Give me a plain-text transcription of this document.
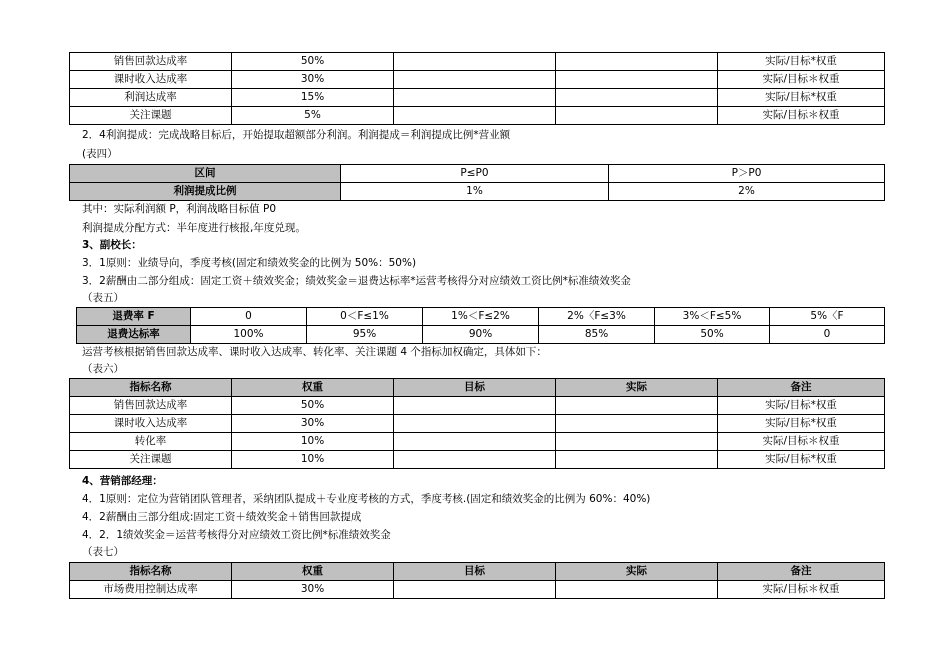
销售回款达成率	50%			实际/目标*权重
课时收入达成率	30%			实际/目标＊权重
利润达成率	15%			实际/目标*权重
关注课题	5%			实际/目标＊权重
2．4利润提成：完成战略目标后，开始提取超额部分利润。利润提成＝利润提成比例*营业额
(表四）
区间	P≤P0	P＞P0
利润提成比例	1%	2%
其中：实际利润额 P，利润战略目标值 P0
利润提成分配方式：半年度进行核报,年度兑现。
3、副校长：
3．1原则：业绩导向，季度考核(固定和绩效奖金的比例为 50%：50%)
3．2薪酬由二部分组成：固定工资＋绩效奖金；绩效奖金＝退费达标率*运营考核得分对应绩效工资比例*标准绩效奖金
（表五）
退费率 F	0	0＜F≤1%	1%＜F≤2%	2%〈F≤3%	3%＜F≤5%	5%〈F
退费达标率	100%	95%	90%	85%	50%	0
运营考核根据销售回款达成率、课时收入达成率、转化率、关注课题 4 个指标加权确定，具体如下：
（表六）
指标名称	权重	目标	实际	备注
销售回款达成率	50%			实际/目标*权重
课时收入达成率	30%			实际/目标*权重
转化率	10%			实际/目标＊权重
关注课题	10%			实际/目标*权重
4、营销部经理：
4．1原则：定位为营销团队管理者，采纳团队提成＋专业度考核的方式，季度考核.(固定和绩效奖金的比例为 60%：40%)
4．2薪酬由三部分组成:固定工资＋绩效奖金＋销售回款提成
4．2．1绩效奖金＝运营考核得分对应绩效工资比例*标准绩效奖金
（表七）
指标名称	权重	目标	实际	备注
市场费用控制达成率	30%			实际/目标＊权重
